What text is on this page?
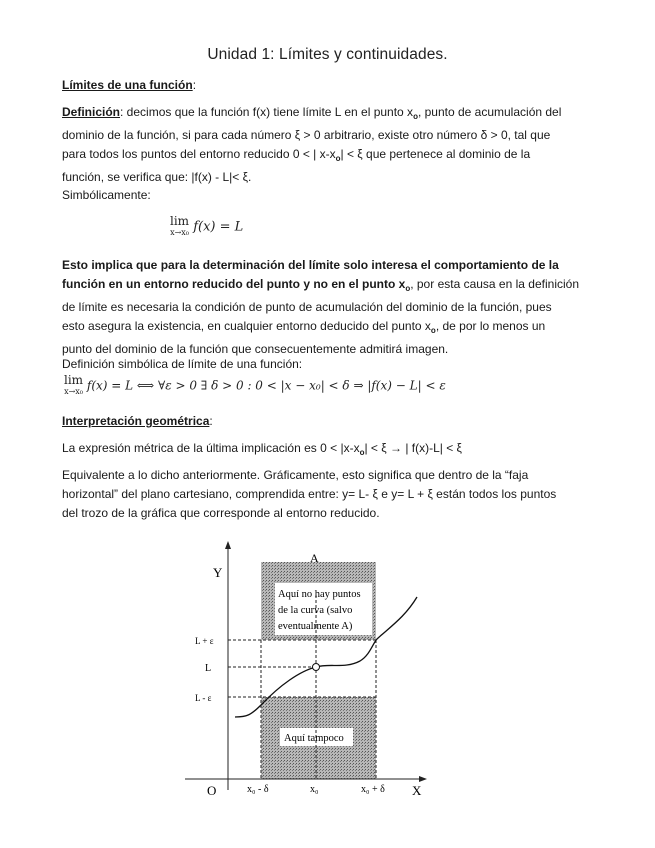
Unidad 1: Límites y continuidades.
Límites de una función:
Definición: decimos que la función f(x) tiene límite L en el punto $x_o$, punto de acumulación del
dominio de la función, si para cada número ξ > 0 arbitrario, existe otro número δ > 0, tal que
para todos los puntos del entorno reducido 0 < | $x-x_o| < \xi$ que pertenece al dominio de la
función, se verifica que: |f(x) - L|< ξ.
Simbólicamente:
lim
x→x₀ f(x) = L
Esto implica que para la determinación del límite solo interesa el comportamiento de la
función en un entorno reducido del punto y no en el punto $x_o$, por esta causa en la definición
de límite es necesaria la condición de punto de acumulación del dominio de la función, pues
esto asegura la existencia, en cualquier entorno deducido del punto $x_o$, de por lo menos un
punto del dominio de la función que consecuentemente admitirá imagen.
Definición simbólica de límite de una función:
lim
x→x₀ f(x) = L ⟺ ∀ε > 0 ∃ δ > 0 : 0 < |x − x₀| < δ ⇒ |f(x) − L| < ε
Interpretación geométrica:
La expresión métrica de la última implicación es $0 < |x-x_o| < \xi$ → | f(x)-L| < ξ
Equivalente a lo dicho anteriormente. Gráficamente, esto significa que dentro de la “faja
horizontal” del plano cartesiano, comprendida entre: y= L- ξ e y= L + ξ están todos los puntos
del trozo de la gráfica que corresponde al entorno reducido.
Y
X
O
A
L + ε
L
L - ε
x₀ - δ	x₀	x₀ + δ
Aquí no hay puntos
de la curva (salvo
eventualmente A)
Aquí tampoco
